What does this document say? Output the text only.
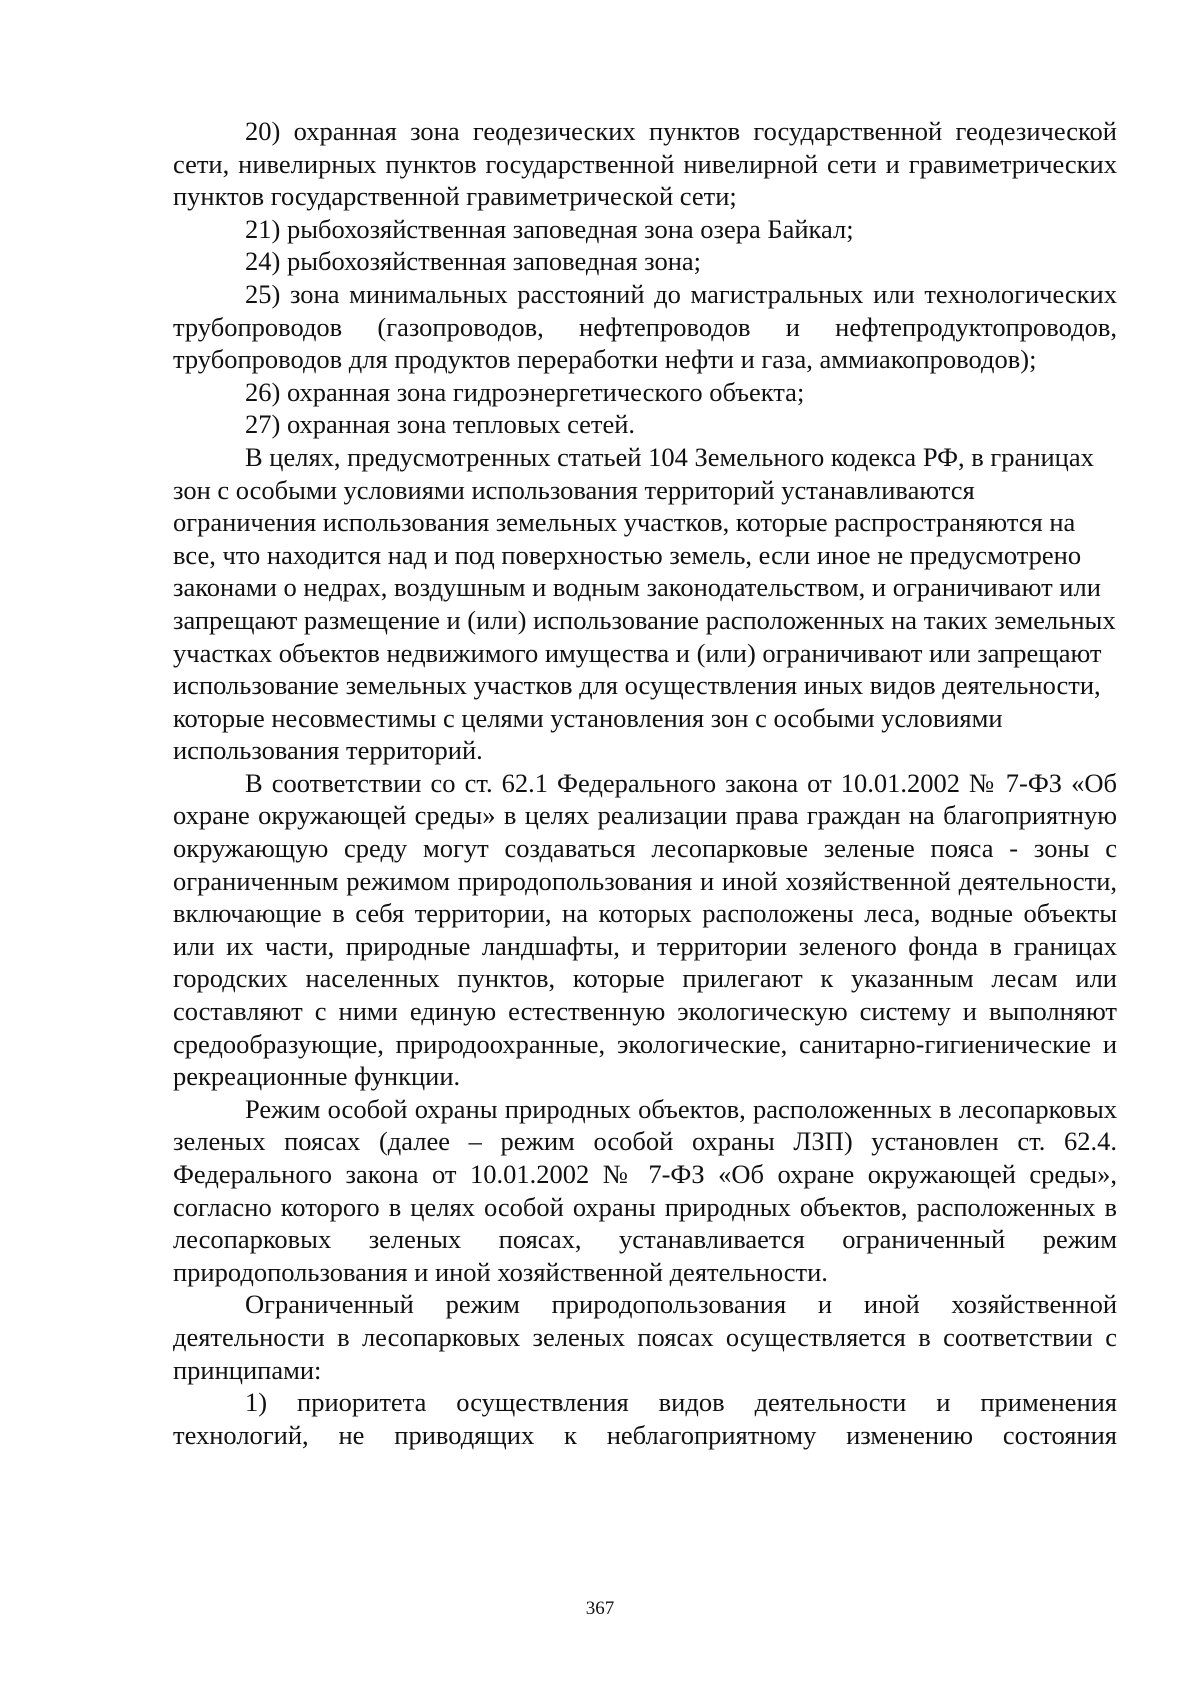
20) охранная зона геодезических пунктов государственной геодезической сети, нивелирных пунктов государственной нивелирной сети и гравиметрических пунктов государственной гравиметрической сети;

21) рыбохозяйственная заповедная зона озера Байкал;

24) рыбохозяйственная заповедная зона;

25) зона минимальных расстояний до магистральных или технологических трубопроводов (газопроводов, нефтепроводов и нефтепродуктопроводов, трубопроводов для продуктов переработки нефти и газа, аммиакопроводов);

26) охранная зона гидроэнергетического объекта;

27) охранная зона тепловых сетей.

В целях, предусмотренных статьей 104 Земельного кодекса РФ, в границах зон с особыми условиями использования территорий устанавливаются ограничения использования земельных участков, которые распространяются на все, что находится над и под поверхностью земель, если иное не предусмотрено законами о недрах, воздушным и водным законодательством, и ограничивают или запрещают размещение и (или) использование расположенных на таких земельных участках объектов недвижимого имущества и (или) ограничивают или запрещают использование земельных участков для осуществления иных видов деятельности, которые несовместимы с целями установления зон с особыми условиями использования территорий.

В соответствии со ст. 62.1 Федерального закона от 10.01.2002 № 7-ФЗ «Об охране окружающей среды» в целях реализации права граждан на благоприятную окружающую среду могут создаваться лесопарковые зеленые пояса - зоны с ограниченным режимом природопользования и иной хозяйственной деятельности, включающие в себя территории, на которых расположены леса, водные объекты или их части, природные ландшафты, и территории зеленого фонда в границах городских населенных пунктов, которые прилегают к указанным лесам или составляют с ними единую естественную экологическую систему и выполняют средообразующие, природоохранные, экологические, санитарно-гигиенические и рекреационные функции.

Режим особой охраны природных объектов, расположенных в лесопарковых зеленых поясах (далее – режим особой охраны ЛЗП) установлен ст. 62.4. Федерального закона от 10.01.2002 № 7-ФЗ «Об охране окружающей среды», согласно которого в целях особой охраны природных объектов, расположенных в лесопарковых зеленых поясах, устанавливается ограниченный режим природопользования и иной хозяйственной деятельности.

Ограниченный режим природопользования и иной хозяйственной деятельности в лесопарковых зеленых поясах осуществляется в соответствии с принципами:

1) приоритета осуществления видов деятельности и применения технологий, не приводящих к неблагоприятному изменению состояния

367
